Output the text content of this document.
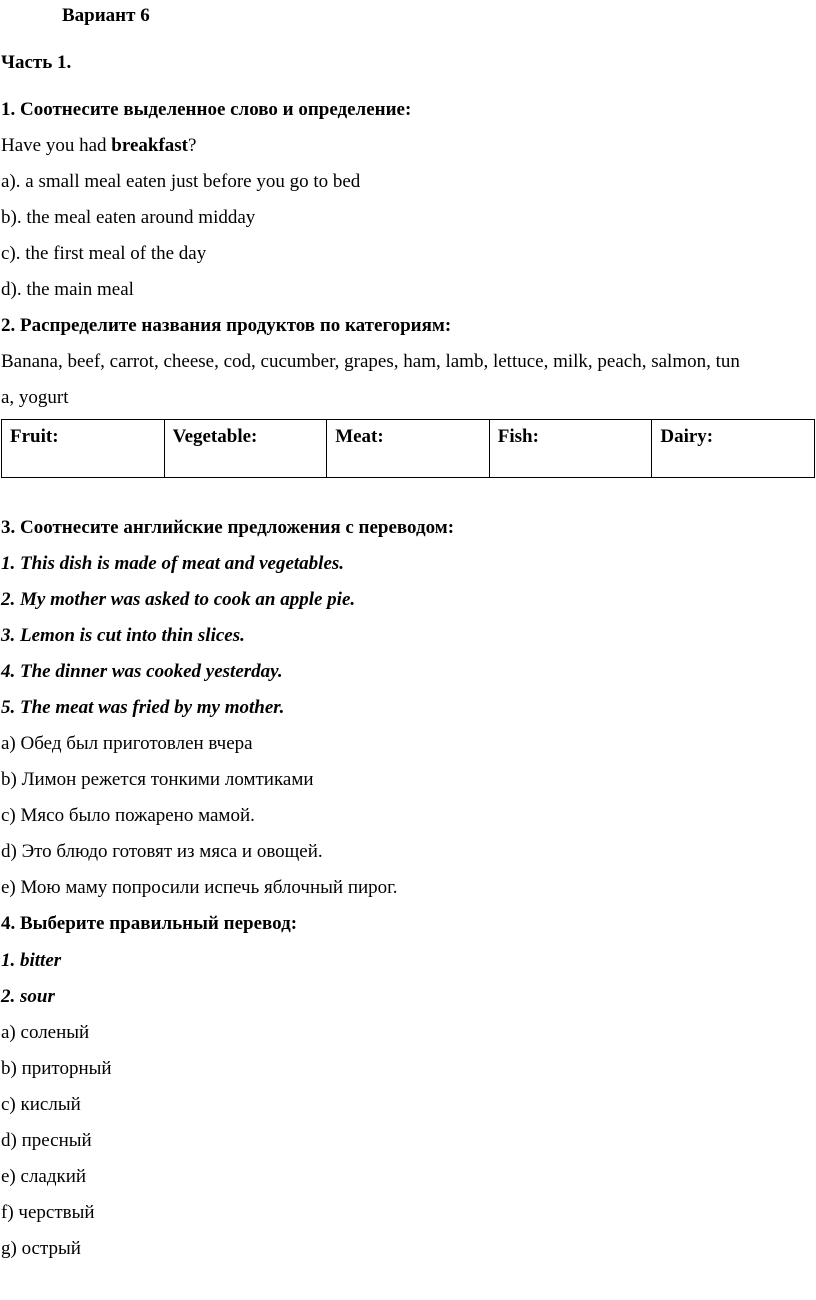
Вариант 6
Часть 1.
1. Соотнесите выделенное слово и определение:
Have you had breakfast?
a). a small meal eaten just before you go to bed
b). the meal eaten around midday
c). the first meal of the day
d). the main meal
2. Распределите названия продуктов по категориям:
Banana, beef, carrot, cheese, cod, cucumber, grapes, ham, lamb, lettuce, milk, peach, salmon, tun
a, yogurt
Fruit:	Vegetable:	Meat:	Fish:	Dairy:
3. Соотнесите английские предложения с переводом:
1. This dish is made of meat and vegetables.
2. My mother was asked to cook an apple pie.
3. Lemon is cut into thin slices.
4. The dinner was cooked yesterday.
5. The meat was fried by my mother.
a) Обед был приготовлен вчера
b) Лимон режется тонкими ломтиками
c) Мясо было пожарено мамой.
d) Это блюдо готовят из мяса и овощей.
e) Мою маму попросили испечь яблочный пирог.
4. Выберите правильный перевод:
1. bitter
2. sour
a) соленый
b) приторный
c) кислый
d) пресный
e) сладкий
f) черствый
g) острый
